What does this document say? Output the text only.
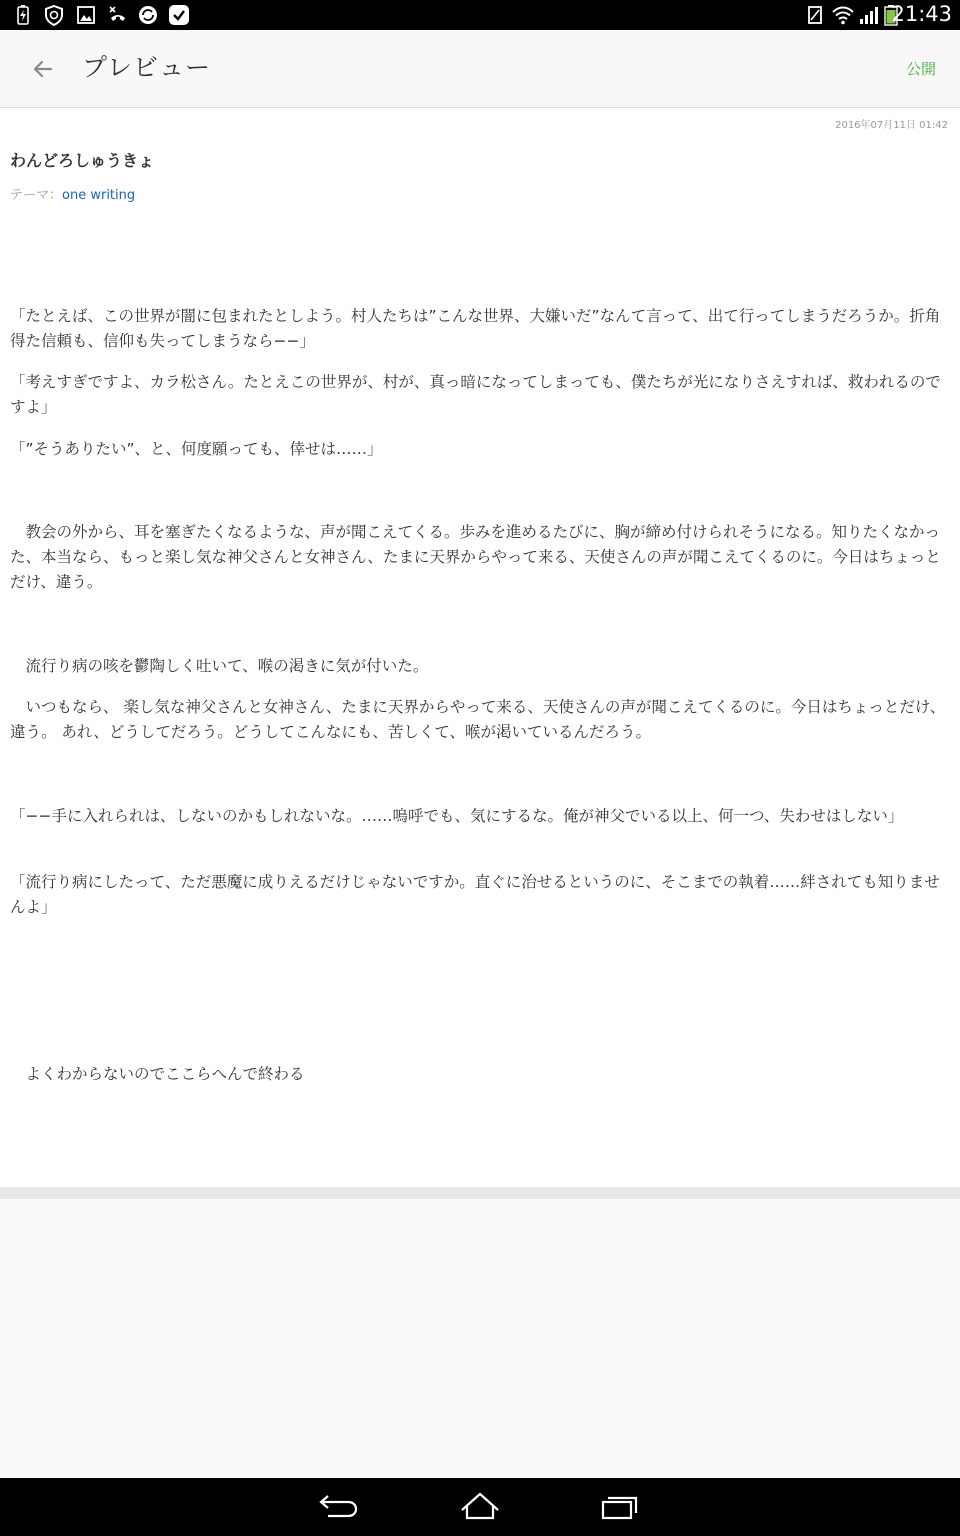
21:43
プレビュー	公開
2016年07月11日 01:42
わんどろしゅうきょ
テーマ：one writing

「たとえば、この世界が闇に包まれたとしよう。村人たちは”こんな世界、大嫌いだ”なんて言って、出て行ってしまうだろうか。折角得た信頼も、信仰も失ってしまうなら−−」

「考えすぎですよ、カラ松さん。たとえこの世界が、村が、真っ暗になってしまっても、僕たちが光になりさえすれば、救われるのですよ」

「”そうありたい”、と、何度願っても、倖せは……」

　教会の外から、耳を塞ぎたくなるような、声が聞こえてくる。歩みを進めるたびに、胸が締め付けられそうになる。知りたくなかった、本当なら、もっと楽し気な神父さんと女神さん、たまに天界からやって来る、天使さんの声が聞こえてくるのに。今日はちょっとだけ、違う。

　流行り病の咳を鬱陶しく吐いて、喉の渇きに気が付いた。

　いつもなら、 楽し気な神父さんと女神さん、たまに天界からやって来る、天使さんの声が聞こえてくるのに。今日はちょっとだけ、違う。 あれ、どうしてだろう。どうしてこんなにも、苦しくて、喉が渇いているんだろう。

「−−手に入れられは、しないのかもしれないな。……嗚呼でも、気にするな。俺が神父でいる以上、何一つ、失わせはしない」

「流行り病にしたって、ただ悪魔に成りえるだけじゃないですか。直ぐに治せるというのに、そこまでの執着……絆されても知りませんよ」

　よくわからないのでここらへんで終わる
